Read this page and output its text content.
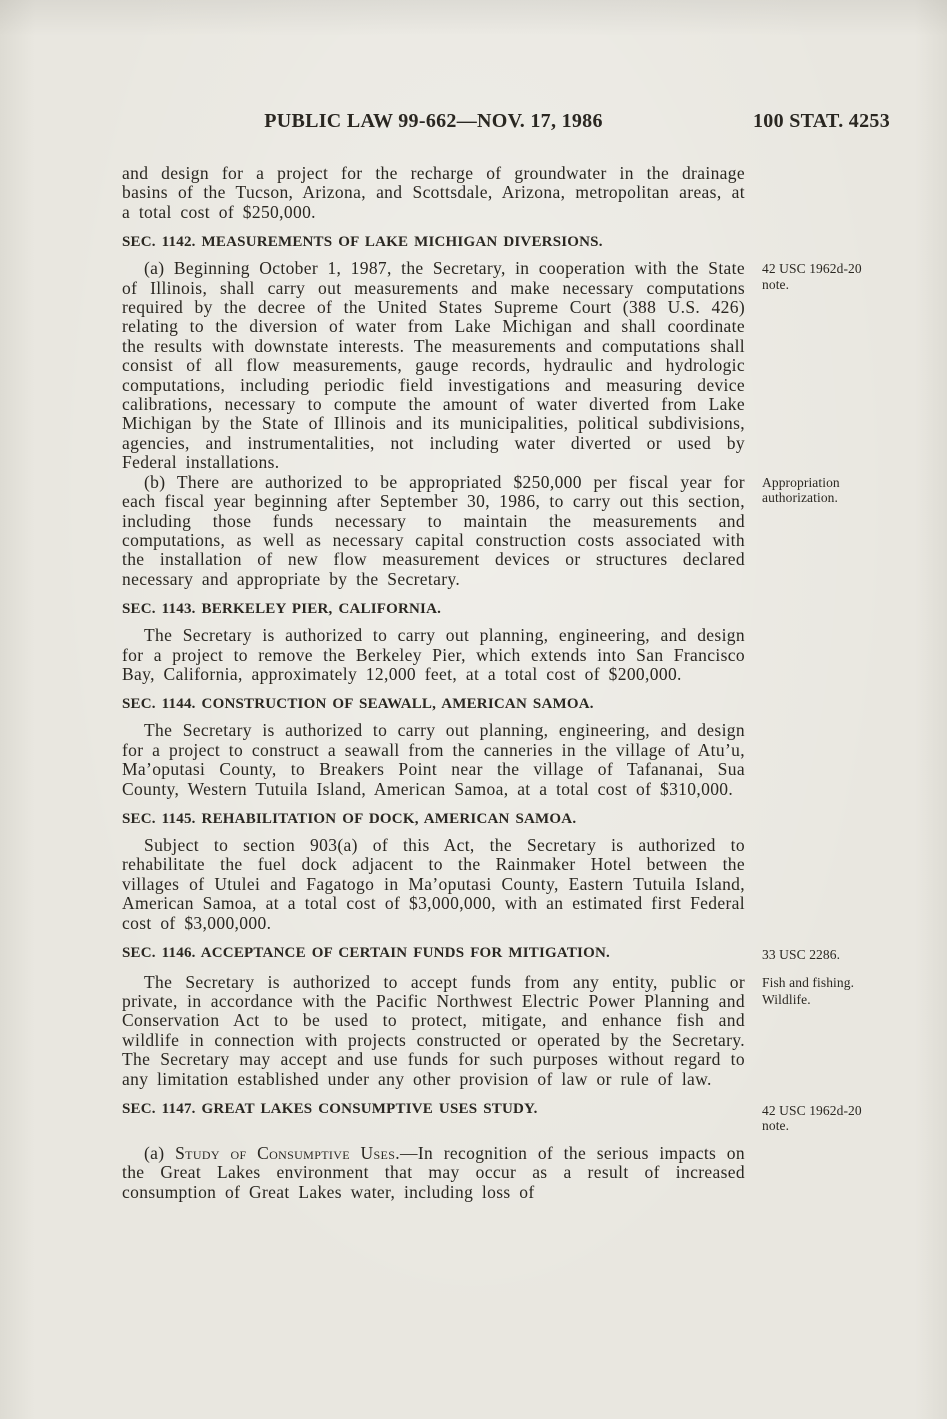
PUBLIC LAW 99-662—NOV. 17, 1986	100 STAT. 4253

and design for a project for the recharge of groundwater in the drainage basins of the Tucson, Arizona, and Scottsdale, Arizona, metropolitan areas, at a total cost of $250,000.

SEC. 1142. MEASUREMENTS OF LAKE MICHIGAN DIVERSIONS.

(a) Beginning October 1, 1987, the Secretary, in cooperation with the State of Illinois, shall carry out measurements and make necessary computations required by the decree of the United States Supreme Court (388 U.S. 426) relating to the diversion of water from Lake Michigan and shall coordinate the results with downstate interests. The measurements and computations shall consist of all flow measurements, gauge records, hydraulic and hydrologic computations, including periodic field investigations and measuring device calibrations, necessary to compute the amount of water diverted from Lake Michigan by the State of Illinois and its municipalities, political subdivisions, agencies, and instrumentalities, not including water diverted or used by Federal installations.

42 USC 1962d-20 note.

(b) There are authorized to be appropriated $250,000 per fiscal year for each fiscal year beginning after September 30, 1986, to carry out this section, including those funds necessary to maintain the measurements and computations, as well as necessary capital construction costs associated with the installation of new flow measurement devices or structures declared necessary and appropriate by the Secretary.

Appropriation authorization.
SEC. 1143. BERKELEY PIER, CALIFORNIA.

The Secretary is authorized to carry out planning, engineering, and design for a project to remove the Berkeley Pier, which extends into San Francisco Bay, California, approximately 12,000 feet, at a total cost of $200,000.

SEC. 1144. CONSTRUCTION OF SEAWALL, AMERICAN SAMOA.

The Secretary is authorized to carry out planning, engineering, and design for a project to construct a seawall from the canneries in the village of Atu’u, Ma’oputasi County, to Breakers Point near the village of Tafananai, Sua County, Western Tutuila Island, American Samoa, at a total cost of $310,000.

SEC. 1145. REHABILITATION OF DOCK, AMERICAN SAMOA.

Subject to section 903(a) of this Act, the Secretary is authorized to rehabilitate the fuel dock adjacent to the Rainmaker Hotel between the villages of Utulei and Fagatogo in Ma’oputasi County, Eastern Tutuila Island, American Samoa, at a total cost of $3,000,000, with an estimated first Federal cost of $3,000,000.

SEC. 1146. ACCEPTANCE OF CERTAIN FUNDS FOR MITIGATION.	33 USC 2286.

The Secretary is authorized to accept funds from any entity, public or private, in accordance with the Pacific Northwest Electric Power Planning and Conservation Act to be used to protect, mitigate, and enhance fish and wildlife in connection with projects constructed or operated by the Secretary. The Secretary may accept and use funds for such purposes without regard to any limitation established under any other provision of law or rule of law.

Fish and fishing.
Wildlife.
SEC. 1147. GREAT LAKES CONSUMPTIVE USES STUDY.	42 USC 1962d-20 note.

(a) Study of Consumptive Uses.—In recognition of the serious impacts on the Great Lakes environment that may occur as a result of increased consumption of Great Lakes water, including loss of
